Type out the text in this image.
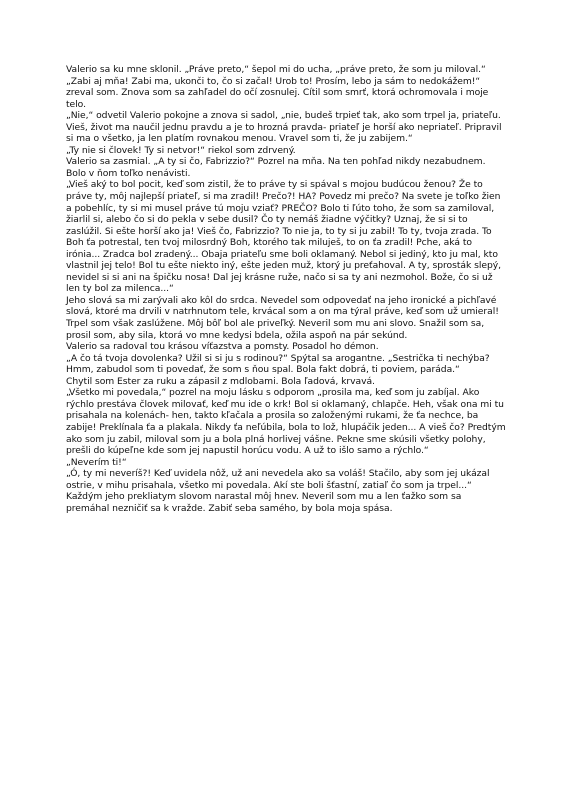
Valerio sa ku mne sklonil. „Práve preto,“ šepol mi do ucha, „práve preto, že som ju miloval.“

„Zabi aj mňa! Zabi ma, ukonči to, čo si začal! Urob to! Prosím, lebo ja sám to nedokážem!“ zreval som. Znova som sa zahľadel do očí zosnulej. Cítil som smrť, ktorá ochromovala i moje telo.

„Nie,“ odvetil Valerio pokojne a znova si sadol, „nie, budeš trpieť tak, ako som trpel ja, priateľu. Vieš, život ma naučil jednu pravdu a je to hrozná pravda- priateľ je horší ako nepriateľ. Pripravil si ma o všetko, ja len platím rovnakou menou. Vravel som ti, že ju zabijem.“

„Ty nie si človek! Ty si netvor!“ riekol som zdrvený.

Valerio sa zasmial. „A ty si čo, Fabrizzio?“ Pozrel na mňa. Na ten pohľad nikdy nezabudnem. Bolo v ňom toľko nenávisti.

„Vieš aký to bol pocit, keď som zistil, že to práve ty si spával s mojou budúcou ženou? Že to práve ty, môj najlepší priateľ, si ma zradil! Prečo?! HA? Povedz mi prečo? Na svete je toľko žien a pobehlíc, ty si mi musel práve tú moju vziať? PREČO? Bolo ti ľúto toho, že som sa zamiloval, žiarlil si, alebo čo si do pekla v sebe dusil? Čo ty nemáš žiadne výčitky? Uznaj, že si si to zaslúžil. Si ešte horší ako ja! Vieš čo, Fabrizzio? To nie ja, to ty si ju zabil! To ty, tvoja zrada. To Boh ťa potrestal, ten tvoj milosrdný Boh, ktorého tak miluješ, to on ťa zradil! Pche, aká to irónia... Zradca bol zradený... Obaja priateľu sme boli oklamaný. Nebol si jediný, kto ju mal, kto vlastnil jej telo! Bol tu ešte niekto iný, ešte jeden muž, ktorý ju preťahoval. A ty, sprosták slepý, nevidel si si ani na špičku nosa! Dal jej krásne ruže, načo si sa ty ani nezmohol. Bože, čo si už len ty bol za milenca...“

Jeho slová sa mi zarývali ako kôl do srdca. Nevedel som odpovedať na jeho ironické a pichľavé slová, ktoré ma drvili v natrhnutom tele, krvácal som a on ma týral práve, keď som už umieral! Trpel som však zaslúžene. Môj bôľ bol ale priveľký. Neveril som mu ani slovo. Snažil som sa, prosil som, aby sila, ktorá vo mne kedysi bdela, ožila aspoň na pár sekúnd.

Valerio sa radoval tou krásou víťazstva a pomsty. Posadol ho démon.

„A čo tá tvoja dovolenka? Užil si si ju s rodinou?“ Spýtal sa arogantne. „Sestrička ti nechýba? Hmm, zabudol som ti povedať, že som s ňou spal. Bola fakt dobrá, ti poviem, paráda.“

Chytil som Ester za ruku a zápasil z mdlobami. Bola ľadová, krvavá.

„Všetko mi povedala,“ pozrel na moju lásku s odporom „prosila ma, keď som ju zabíjal. Ako rýchlo prestáva človek milovať, keď mu ide o krk! Bol si oklamaný, chlapče. Heh, však ona mi tu prisahala na kolenách- hen, takto kľačala a prosila so založenými rukami, že ťa nechce, ba zabije! Preklínala ťa a plakala. Nikdy ťa neľúbila, bola to lož, hlupáčik jeden... A vieš čo? Predtým ako som ju zabil, miloval som ju a bola plná horlivej vášne. Pekne sme skúsili všetky polohy, prešli do kúpeľne kde som jej napustil horúcu vodu. A už to išlo samo a rýchlo.“

„Neverím ti!“

„Ó, ty mi neveríš?! Keď uvidela nôž, už ani nevedela ako sa voláš! Stačilo, aby som jej ukázal ostrie, v mihu prisahala, všetko mi povedala. Akí ste boli šťastní, zatiaľ čo som ja trpel...“

Každým jeho prekliatym slovom narastal môj hnev. Neveril som mu a len ťažko som sa premáhal nezničiť sa k vražde. Zabiť seba samého, by bola moja spása.
